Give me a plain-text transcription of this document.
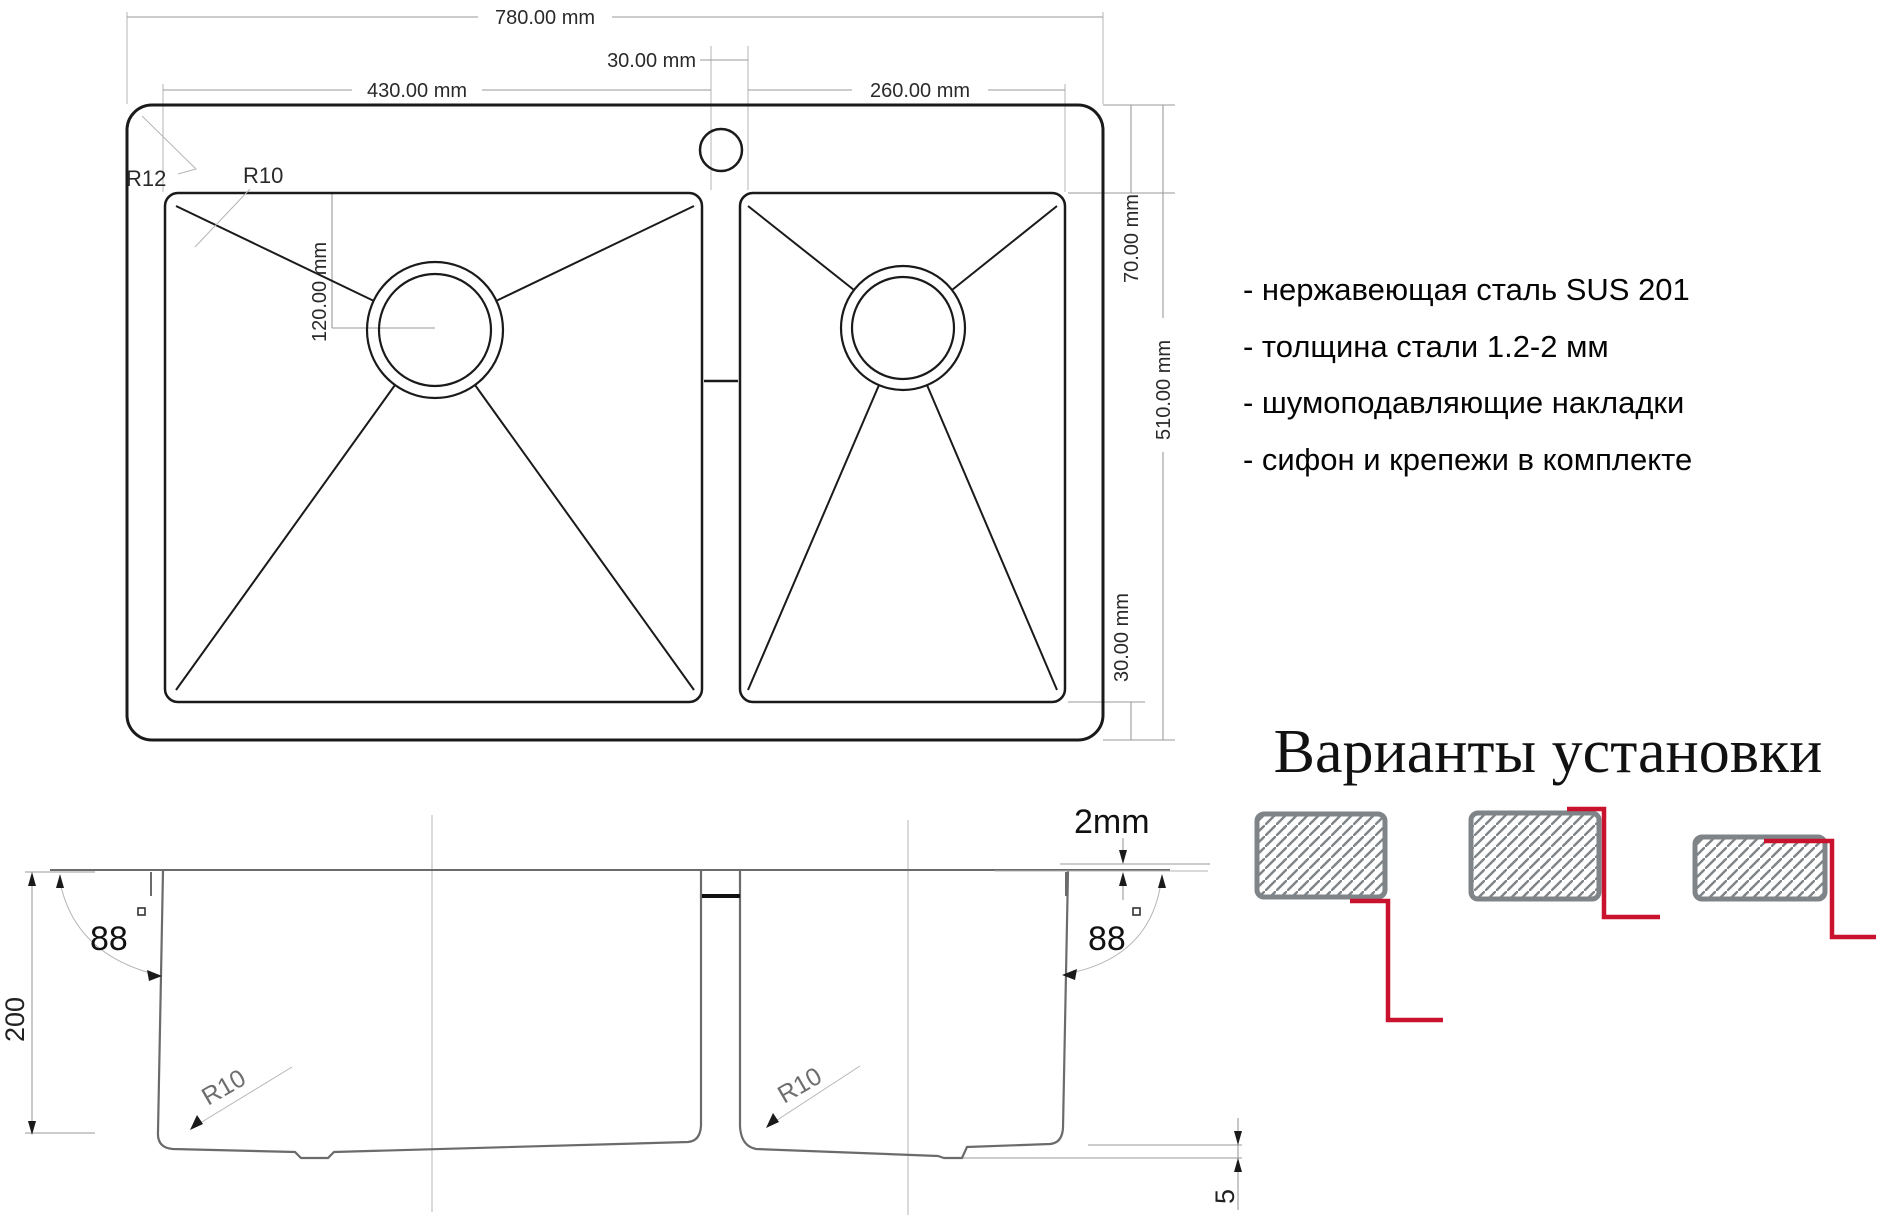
780.00 mm
30.00 mm
430.00 mm	260.00 mm
R12	R10
120.00 mm
70.00 mm
510.00 mm
30.00 mm
200
88	88
2mm
R10	R10
5
- нержавеющая сталь SUS 201
- толщина стали 1.2-2 мм
- шумоподавляющие накладки
- сифон и крепежи в комплекте
Варианты установки
